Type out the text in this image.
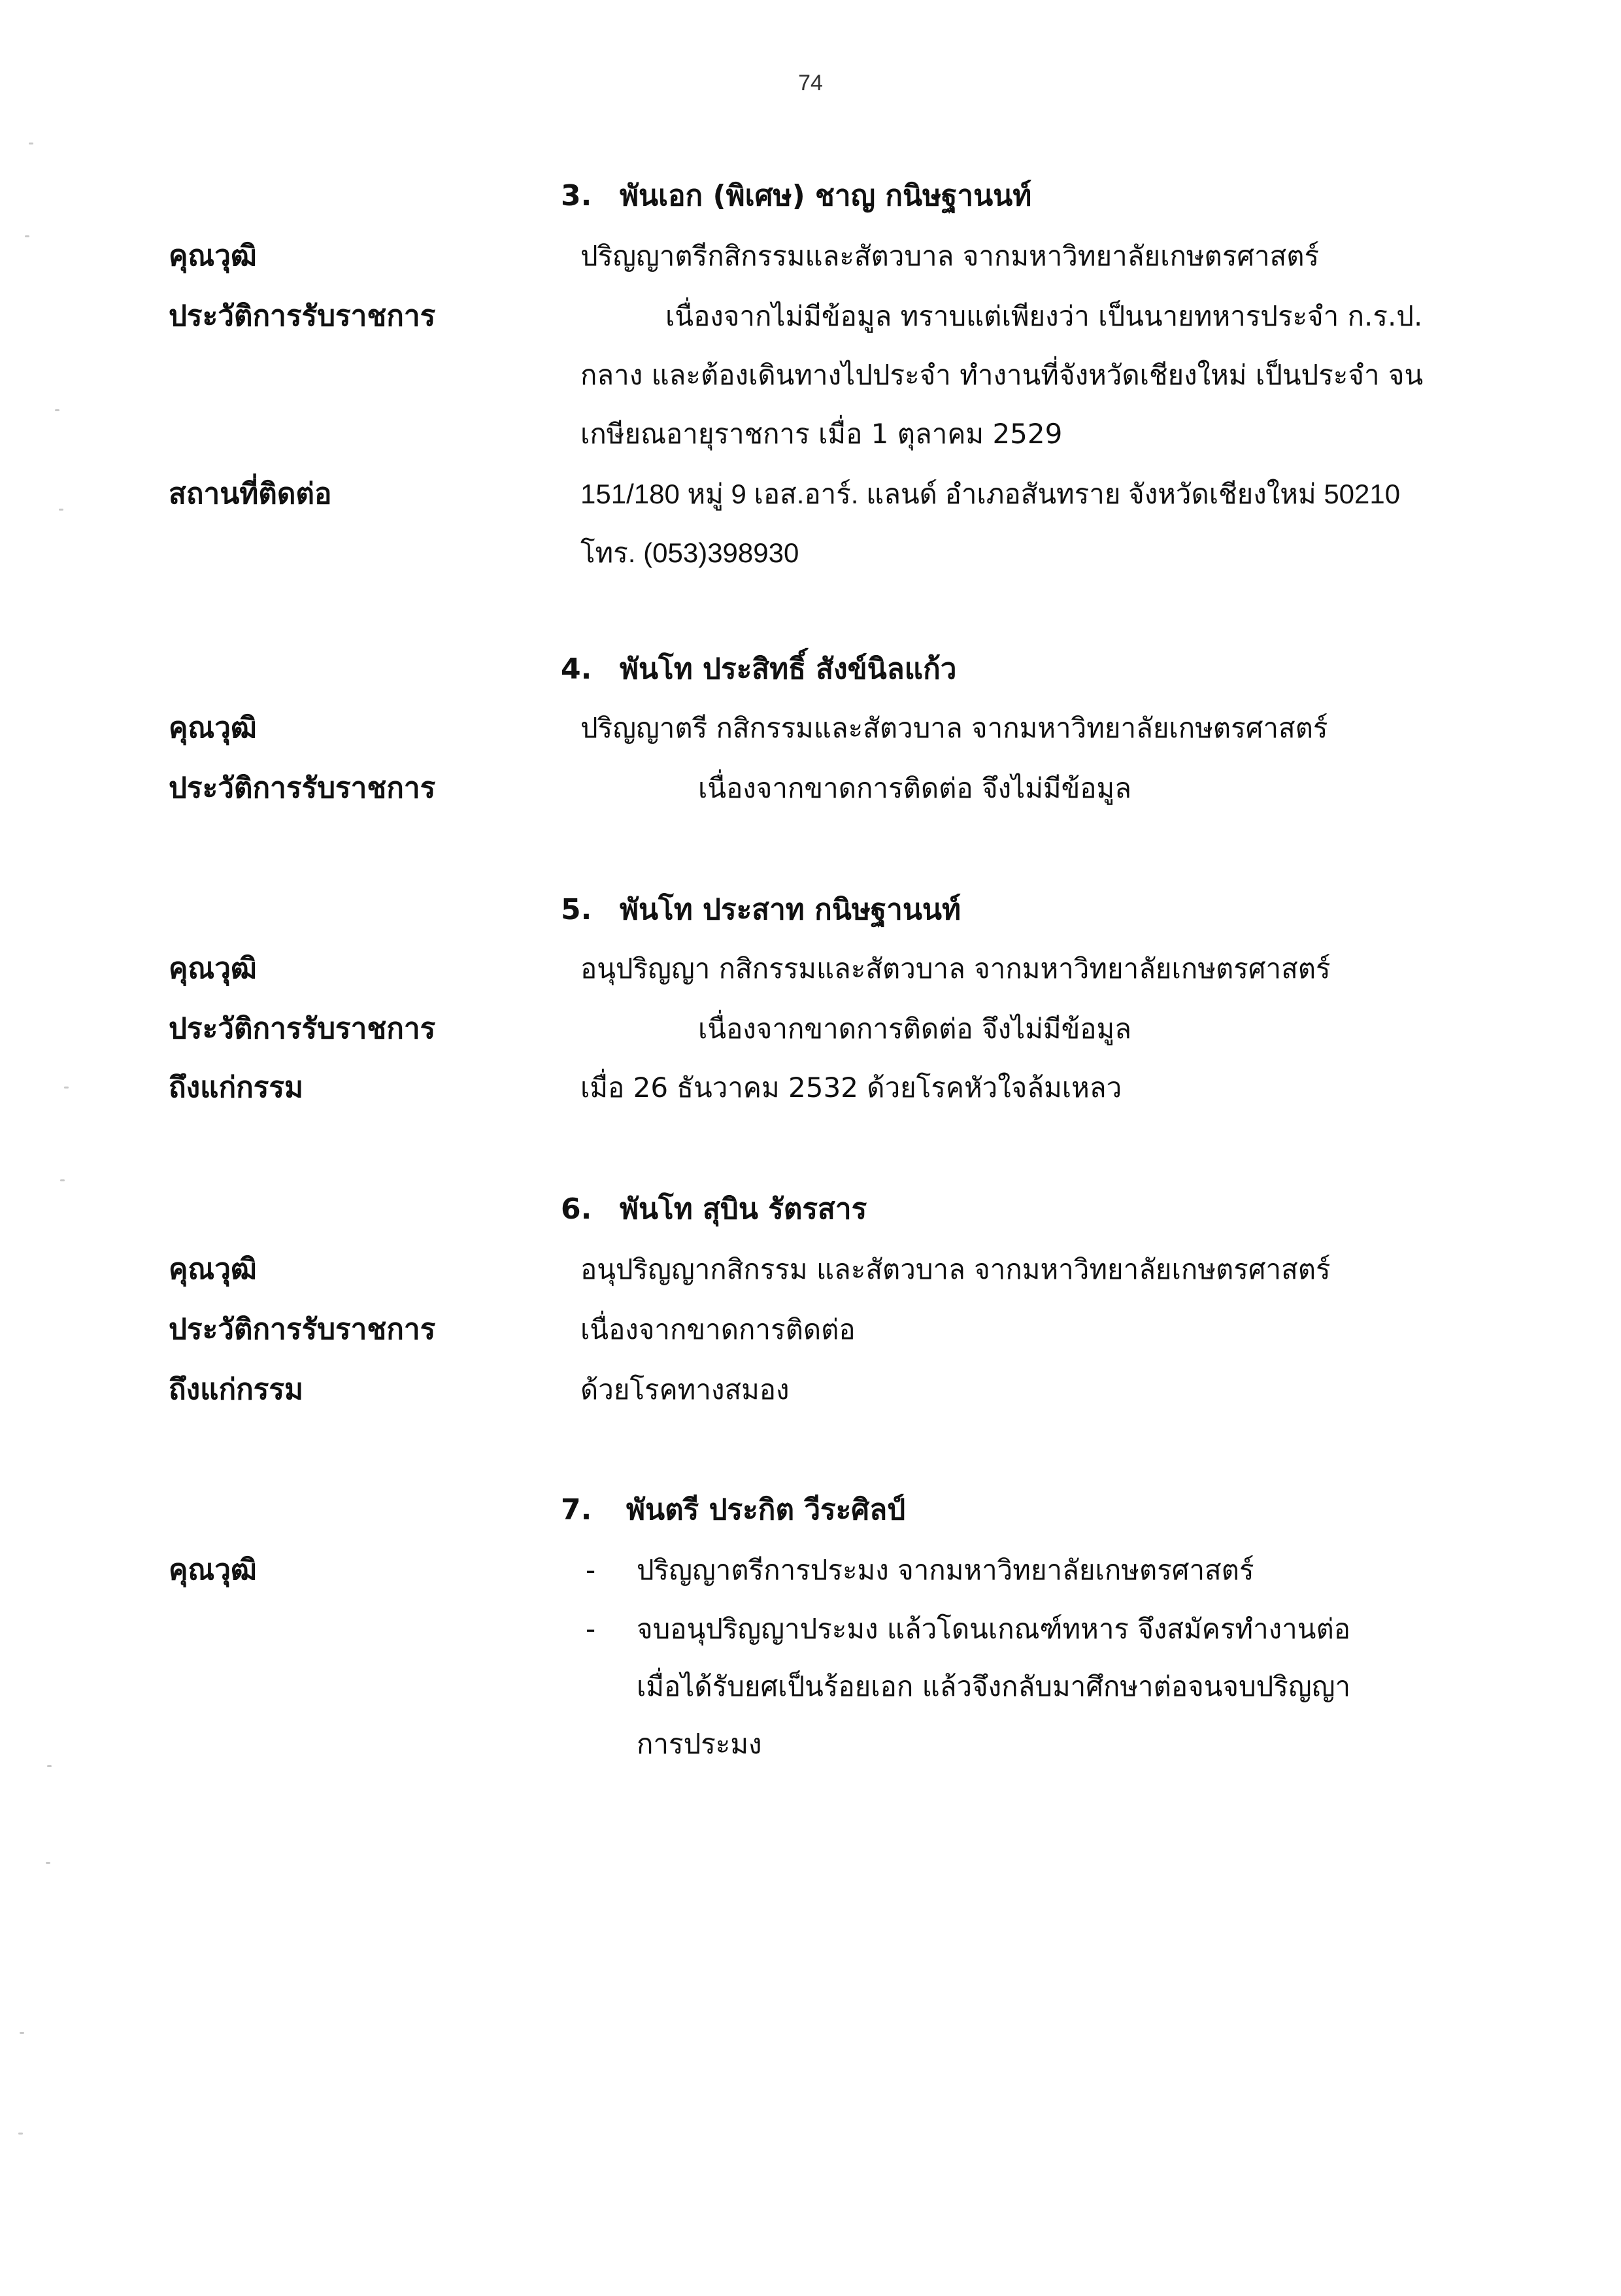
74
3. พันเอก (พิเศษ) ชาญ กนิษฐานนท์
คุณวุฒิ	ปริญญาตรีกสิกรรมและสัตวบาล จากมหาวิทยาลัยเกษตรศาสตร์
ประวัติการรับราชการ	เนื่องจากไม่มีข้อมูล ทราบแต่เพียงว่า เป็นนายทหารประจำ ก.ร.ป.
กลาง และต้องเดินทางไปประจำ ทำงานที่จังหวัดเชียงใหม่ เป็นประจำ จน
เกษียณอายุราชการ เมื่อ 1 ตุลาคม 2529
สถานที่ติดต่อ	151/180 หมู่ 9 เอส.อาร์. แลนด์ อำเภอสันทราย จังหวัดเชียงใหม่ 50210
โทร. (053)398930
4. พันโท ประสิทธิ์ สังข์นิลแก้ว
คุณวุฒิ	ปริญญาตรี กสิกรรมและสัตวบาล จากมหาวิทยาลัยเกษตรศาสตร์
ประวัติการรับราชการ	เนื่องจากขาดการติดต่อ จึงไม่มีข้อมูล
5. พันโท ประสาท กนิษฐานนท์
คุณวุฒิ	อนุปริญญา กสิกรรมและสัตวบาล จากมหาวิทยาลัยเกษตรศาสตร์
ประวัติการรับราชการ	เนื่องจากขาดการติดต่อ จึงไม่มีข้อมูล
ถึงแก่กรรม	เมื่อ 26 ธันวาคม 2532 ด้วยโรคหัวใจล้มเหลว
6. พันโท สุบิน รัตรสาร
คุณวุฒิ	อนุปริญญากสิกรรม และสัตวบาล จากมหาวิทยาลัยเกษตรศาสตร์
ประวัติการรับราชการ	เนื่องจากขาดการติดต่อ
ถึงแก่กรรม	ด้วยโรคทางสมอง
7. พันตรี ประกิต วีระศิลป์
คุณวุฒิ	- ปริญญาตรีการประมง จากมหาวิทยาลัยเกษตรศาสตร์
- จบอนุปริญญาประมง แล้วโดนเกณฑ์ทหาร จึงสมัครทำงานต่อ
เมื่อได้รับยศเป็นร้อยเอก แล้วจึงกลับมาศึกษาต่อจนจบปริญญา
การประมง
